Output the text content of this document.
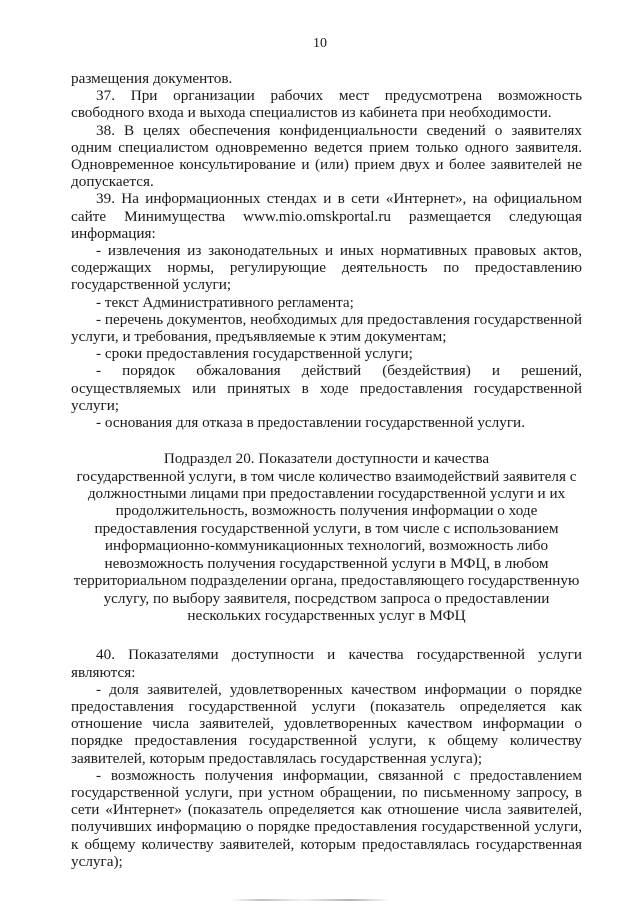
10

размещения документов.

37. При организации рабочих мест предусмотрена возможность свободного входа и выхода специалистов из кабинета при необходимости.

38. В целях обеспечения конфиденциальности сведений о заявителях одним специалистом одновременно ведется прием только одного заявителя. Одновременное консультирование и (или) прием двух и более заявителей не допускается.

39. На информационных стендах и в сети «Интернет», на официальном сайте Минимущества www.mio.omskportal.ru размещается следующая информация:

- извлечения из законодательных и иных нормативных правовых актов, содержащих нормы, регулирующие деятельность по предоставлению государственной услуги;

- текст Административного регламента;

- перечень документов, необходимых для предоставления государственной услуги, и требования, предъявляемые к этим документам;

- сроки предоставления государственной услуги;

- порядок обжалования действий (бездействия) и решений, осуществляемых или принятых в ходе предоставления государственной услуги;

- основания для отказа в предоставлении государственной услуги.

Подраздел 20. Показатели доступности и качества
государственной услуги, в том числе количество взаимодействий заявителя с
должностными лицами при предоставлении государственной услуги и их
продолжительность, возможность получения информации о ходе
предоставления государственной услуги, в том числе с использованием
информационно-коммуникационных технологий, возможность либо
невозможность получения государственной услуги в МФЦ, в любом
территориальном подразделении органа, предоставляющего государственную
услугу, по выбору заявителя, посредством запроса о предоставлении
нескольких государственных услуг в МФЦ

40. Показателями доступности и качества государственной услуги являются:

- доля заявителей, удовлетворенных качеством информации о порядке предоставления государственной услуги (показатель определяется как отношение числа заявителей, удовлетворенных качеством информации о порядке предоставления государственной услуги, к общему количеству заявителей, которым предоставлялась государственная услуга);

- возможность получения информации, связанной с предоставлением государственной услуги, при устном обращении, по письменному запросу, в сети «Интернет» (показатель определяется как отношение числа заявителей, получивших информацию о порядке предоставления государственной услуги, к общему количеству заявителей, которым предоставлялась государственная услуга);
